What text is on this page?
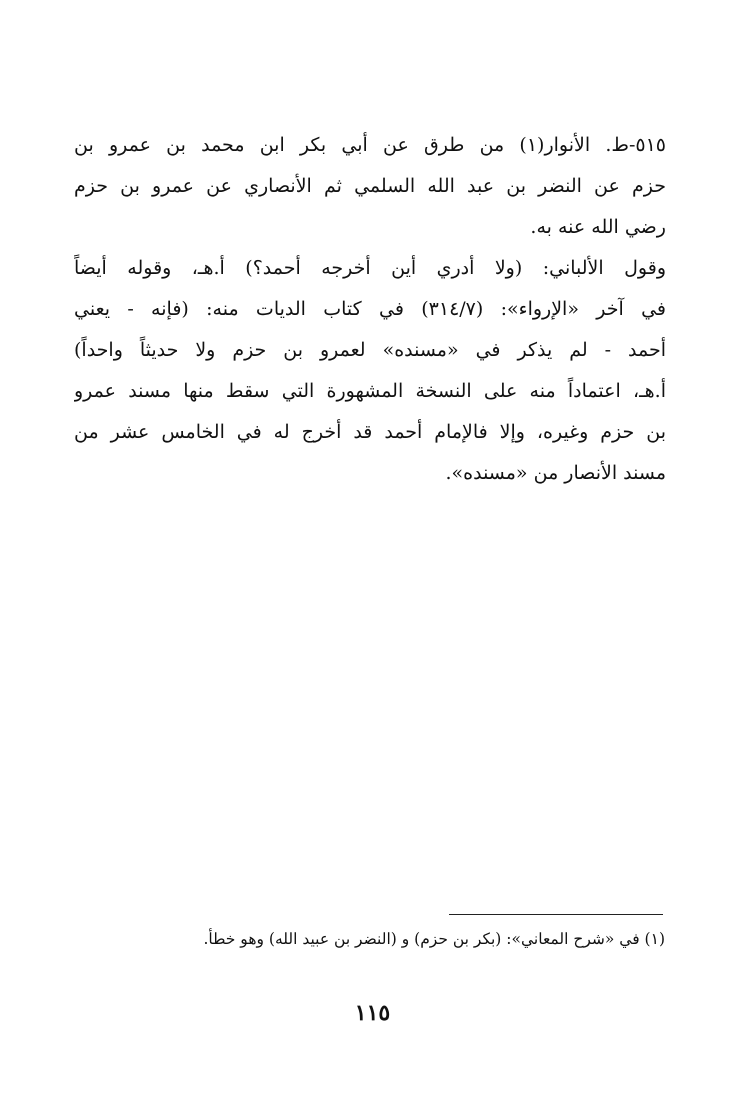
٥١٥-ط. الأنوار(١) من طرق عن أبي بكر ابن محمد بن عمرو بن
حزم عن النضر بن عبد الله السلمي ثم الأنصاري عن عمرو بن حزم
رضي الله عنه به.
وقول الألباني: (ولا أدري أين أخرجه أحمد؟) أ.هـ، وقوله أيضاً
في آخر «الإرواء»: (٣١٤/٧) في كتاب الديات منه: (فإنه - يعني
أحمد - لم يذكر في «مسنده» لعمرو بن حزم ولا حديثاً واحداً)
أ.هـ، اعتماداً منه على النسخة المشهورة التي سقط منها مسند عمرو
بن حزم وغيره، وإلا فالإمام أحمد قد أخرج له في الخامس عشر من
مسند الأنصار من «مسنده».
(١) في «شرح المعاني»: (بكر بن حزم) و (النضر بن عبيد الله) وهو خطأ.
١١٥
